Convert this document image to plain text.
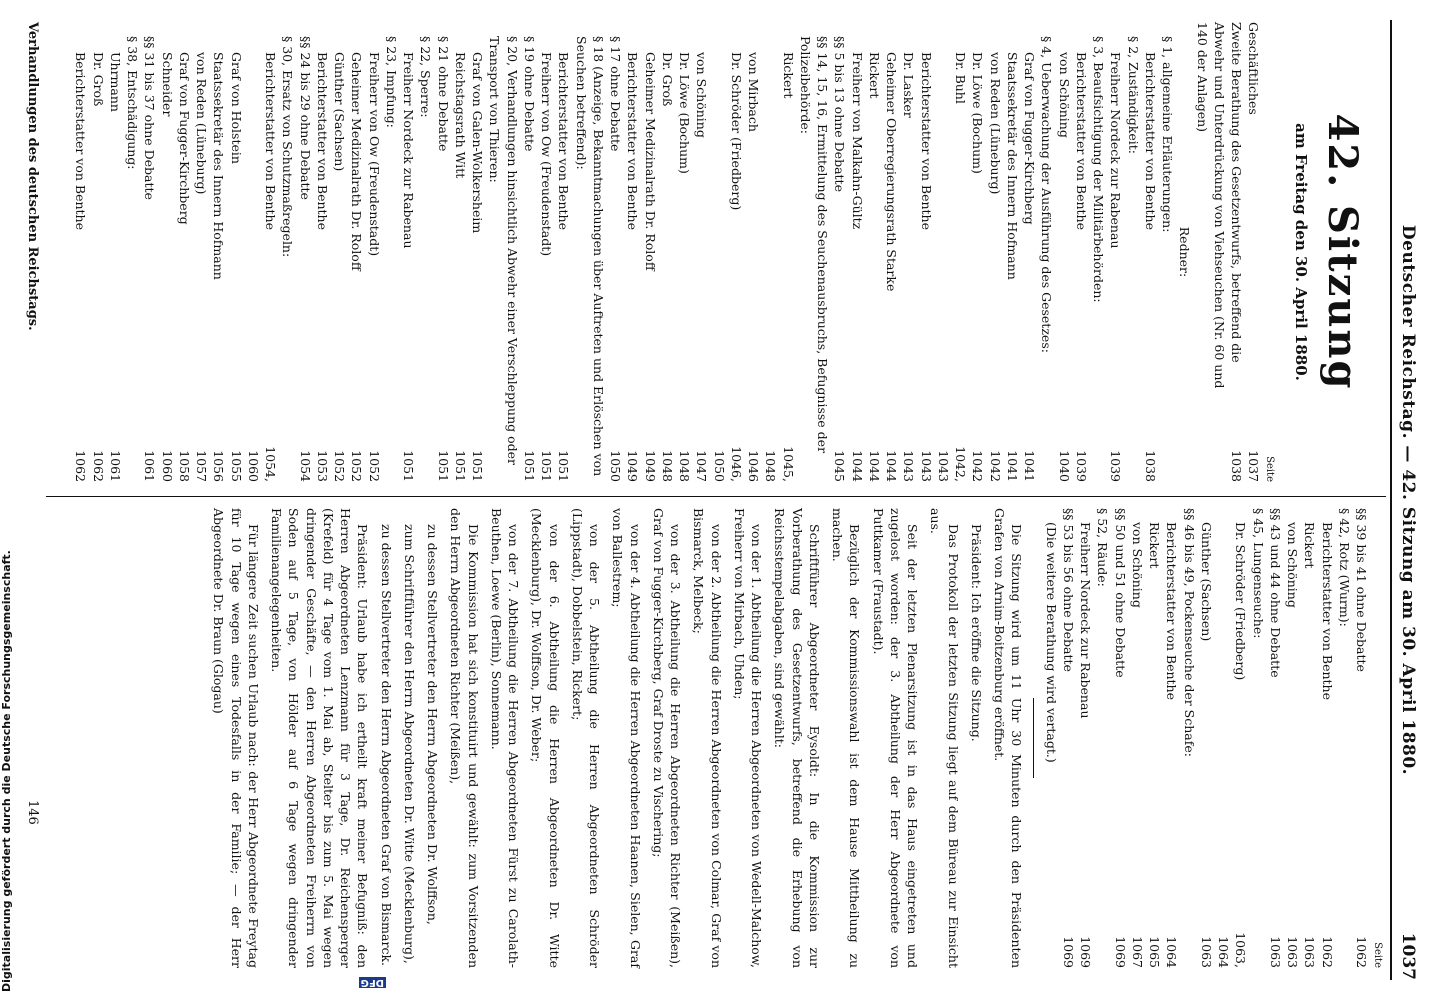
Digitalisierung gefördert durch die Deutsche Forschungsgemeinschaft.	DFG
Deutscher Reichstag. — 42. Sitzung am 30. April 1880.
1037
42. Sitzung
am Freitag den 30. April 1880.
Seite
Geschäftliches
1037
Zweite Berathung des Gesetzentwurfs, betreffend die Abwehr und Unterdrückung von Viehseuchen (Nr. 60 und 140 der Anlagen)
1038
Redner:
§ 1, allgemeine Erläuterungen:
Berichterstatter von Benthe
1038
§ 2, Zuständigkeit:
Freiherr Nordeck zur Rabenau
1039
§ 3, Beaufsichtigung der Militärbehörden:
Berichterstatter von Benthe
1039
von Schöning
1040
§ 4, Ueberwachung der Ausführung des Gesetzes:
Graf von Fugger-Kirchberg
1041
Staatssekretär des Innern Hofmann
1041
von Reden (Lüneburg)
1042
Dr. Löwe (Bochum)
1042
Dr. Buhl
1042, 1043
Berichterstatter von Benthe
1043
Dr. Lasker
1043
Geheimer Oberregierungsrath Starke
1044
Rickert
1044
Freiherr von Malkahn-Gültz
1044
§§ 5 bis 13 ohne Debatte
1045
§§ 14, 15, 16, Ermittelung des Seuchenausbruchs, Befugnisse der Polizeibehörde:
Rickert
1045, 1048
von Mirbach
1046
Dr. Schröder (Friedberg)
1046, 1050
von Schöning
1047
Dr. Löwe (Bochum)
1048
Dr. Groß
1048
Geheimer Medizinalrath Dr. Roloff
1049
Berichterstatter von Benthe
1049
§ 17 ohne Debatte
1050
§ 18 (Anzeige, Bekanntmachungen über Auftreten und Erlöschen von Seuchen betreffend):
Berichterstatter von Benthe
1051
Freiherr von Ow (Freudenstadt)
1051
§ 19 ohne Debatte
1051
§ 20, Verhandlungen hinsichtlich Abwehr einer Verschleppung oder Transport von Thieren:
Graf von Galen-Wolkersheim
1051
Reichstagsrath Witt
1051
§ 21 ohne Debatte
1051
§ 22, Sperre:
Freiherr Nordeck zur Rabenau
1051
§ 23, Impfung:
Freiherr von Ow (Freudenstadt)
1052
Geheimer Medizinalrath Dr. Roloff
1052
Günther (Sachsen)
1052
Berichterstatter von Benthe
1053
§§ 24 bis 29 ohne Debatte
1054
§ 30, Ersatz von Schutzmaßregeln:
Berichterstatter von Benthe
1054, 1060
Graf von Holstein
1055
Staatssekretär des Innern Hofmann
1056
von Reden (Lüneburg)
1057
Graf von Fugger-Kirchberg
1058
Schneider
1060
§§ 31 bis 37 ohne Debatte
1061
§ 38, Entschädigung:
Uhrmann
1061
Dr. Groß
1062
Berichterstatter von Benthe
1062
Seite
§§ 39 bis 41 ohne Debatte
1062
§ 42, Rotz (Wurm):
Berichterstatter von Benthe
1062
Rickert
1063
von Schöning
1063
§§ 43 und 44 ohne Debatte
1063
§ 45, Lungenseuche:
Dr. Schröder (Friedberg)
1063, 1064
Günther (Sachsen)
1063
§§ 46 bis 49, Pockenseuche der Schafe:
Berichterstatter von Benthe
1064
Rickert
1065
von Schöning
1067
§§ 50 und 51 ohne Debatte
1069
§ 52, Räude:
Freiherr Nordeck zur Rabenau
1069
§§ 53 bis 56 ohne Debatte
1069
(Die weitere Berathung wird vertagt.)

Die Sitzung wird um 11 Uhr 30 Minuten durch den Präsidenten Grafen von Arnim-Boitzenburg eröffnet.

Präsident: Ich eröffne die Sitzung.

Das Protokoll der letzten Sitzung liegt auf dem Büreau zur Einsicht aus.

Seit der letzten Plenarsitzung ist in das Haus eingetreten und zugelost worden: der 3. Abtheilung der Herr Abgeordnete von Puttkamer (Fraustadt).

Bezüglich der Kommissionswahl ist dem Hause Mittheilung zu machen.

Schriftführer Abgeordneter Eysoldt: In die Kommission zur Vorberathung des Gesetzentwurfs, betreffend die Erhebung von Reichsstempelabgaben, sind gewählt:

von der 1. Abtheilung die Herren Abgeordneten von Wedell-Malchow, Freiherr von Mirbach, Uhden;

von der 2. Abtheilung die Herren Abgeordneten von Colmar, Graf von Bismarck, Melbeck;

von der 3. Abtheilung die Herren Abgeordneten Richter (Meißen), Graf von Fugger-Kirchberg, Graf Droste zu Vischering;

von der 4. Abtheilung die Herren Abgeordneten Haanen, Sielen, Graf von Ballestrem;

von der 5. Abtheilung die Herren Abgeordneten Schröder (Lippstadt), Dobbelstein, Rickert;

von der 6. Abtheilung die Herren Abgeordneten Dr. Witte (Mecklenburg), Dr. Wolffson, Dr. Weber;

von der 7. Abtheilung die Herren Abgeordneten Fürst zu Carolath-Beuthen, Loewe (Berlin), Sonnemann.

Die Kommission hat sich konstituirt und gewählt: zum Vorsitzenden den Herrn Abgeordneten Richter (Meißen),

zu dessen Stellvertreter den Herrn Abgeordneten Dr. Wolffson,

zum Schriftführer den Herrn Abgeordneten Dr. Witte (Mecklenburg),

zu dessen Stellvertreter den Herrn Abgeordneten Graf von Bismarck.

Präsident: Urlaub habe ich ertheilt kraft meiner Befugniß: den Herren Abgeordneten Lenzmann für 3 Tage, Dr. Reichensperger (Krefeld) für 4 Tage vom 1. Mai ab, Stelter bis zum 5. Mai wegen dringender Geschäfte, — den Herren Abgeordneten Freiherrn von Soden auf 5 Tage, von Hölder auf 6 Tage wegen dringender Familienangelegenheiten.

Für längere Zeit suchen Urlaub nach: der Herr Abgeordnete Freytag für 10 Tage wegen eines Todesfalls in der Familie; — der Herr Abgeordnete Dr. Braun (Glogau)

Verhandlungen des deutschen Reichstags.
146
